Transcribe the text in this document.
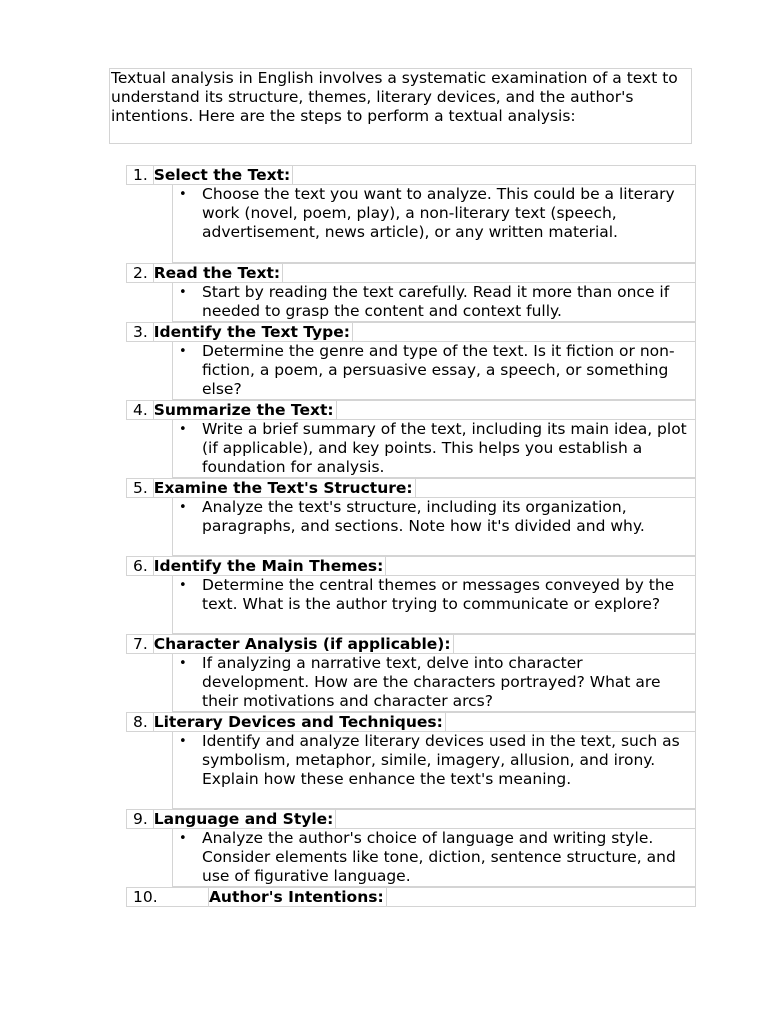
Textual analysis in English involves a systematic examination of a text to understand its structure, themes, literary devices, and the author's intentions. Here are the steps to perform a textual analysis:
1. Select the Text:
• Choose the text you want to analyze. This could be a literary work (novel, poem, play), a non-literary text (speech, advertisement, news article), or any written material.
2. Read the Text:
• Start by reading the text carefully. Read it more than once if needed to grasp the content and context fully.
3. Identify the Text Type:
• Determine the genre and type of the text. Is it fiction or non-fiction, a poem, a persuasive essay, a speech, or something else?
4. Summarize the Text:
• Write a brief summary of the text, including its main idea, plot (if applicable), and key points. This helps you establish a foundation for analysis.
5. Examine the Text's Structure:
• Analyze the text's structure, including its organization, paragraphs, and sections. Note how it's divided and why.
6. Identify the Main Themes:
• Determine the central themes or messages conveyed by the text. What is the author trying to communicate or explore?
7. Character Analysis (if applicable):
• If analyzing a narrative text, delve into character development. How are the characters portrayed? What are their motivations and character arcs?
8. Literary Devices and Techniques:
• Identify and analyze literary devices used in the text, such as symbolism, metaphor, simile, imagery, allusion, and irony. Explain how these enhance the text's meaning.
9. Language and Style:
• Analyze the author's choice of language and writing style. Consider elements like tone, diction, sentence structure, and use of figurative language.
10.	Author's Intentions:
